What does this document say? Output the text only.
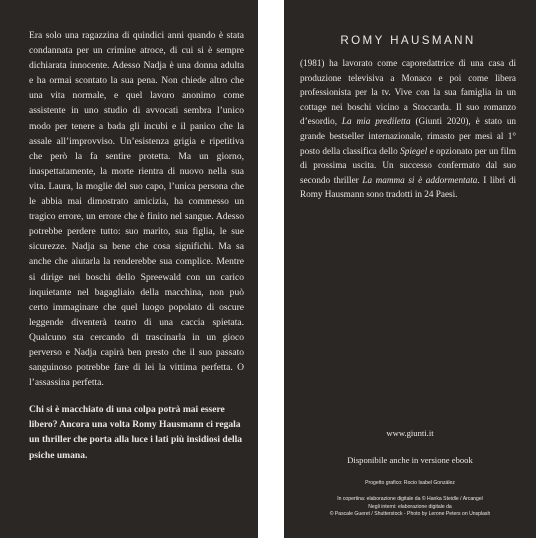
Era solo una ragazzina di quindici anni quando è stata condannata per un crimine atroce, di cui si è sempre dichiarata innocente. Adesso Nadja è una donna adulta e ha ormai scontato la sua pena. Non chiede altro che una vita normale, e quel lavoro anonimo come assistente in uno studio di avvocati sembra l’unico modo per tenere a bada gli incubi e il panico che la assale all’improvviso. Un’esistenza grigia e ripetitiva che però la fa sentire protetta. Ma un giorno, inaspettatamente, la morte rientra di nuovo nella sua vita. Laura, la moglie del suo capo, l’unica persona che le abbia mai dimostrato amicizia, ha commesso un tragico errore, un errore che è finito nel sangue. Adesso potrebbe perdere tutto: suo marito, sua figlia, le sue sicurezze. Nadja sa bene che cosa significhi. Ma sa anche che aiutarla la renderebbe sua complice. Mentre si dirige nei boschi dello Spreewald con un carico inquietante nel bagagliaio della macchina, non può certo immaginare che quel luogo popolato di oscure leggende diventerà teatro di una caccia spietata. Qualcuno sta cercando di trascinarla in un gioco perverso e Nadja capirà ben presto che il suo passato sanguinoso potrebbe fare di lei la vittima perfetta. O l’assassina perfetta.

Chi si è macchiato di una colpa potrà mai essere libero? Ancora una volta Romy Hausmann ci regala un thriller che porta alla luce i lati più insidiosi della psiche umana.

ROMY HAUSMANN

(1981) ha lavorato come caporedattrice di una casa di produzione televisiva a Monaco e poi come libera professionista per la tv. Vive con la sua famiglia in un cottage nei boschi vicino a Stoccarda. Il suo romanzo d’esordio, La mia prediletta (Giunti 2020), è stato un grande bestseller internazionale, rimasto per mesi al 1° posto della classifica dello Spiegel e opzionato per un film di prossima uscita. Un successo confermato dal suo secondo thriller La mamma si è addormentata. I libri di Romy Hausmann sono tradotti in 24 Paesi.

www.giunti.it
Disponibile anche in versione ebook
Progetto grafico: Rocio Isabel González
In copertina: elaborazione digitale da © Hanka Steidle / Arcangel
Negli interni: elaborazione digitale da
© Pascale Gueret / Shutterstock - Photo by Lerone Peters on Unsplash
